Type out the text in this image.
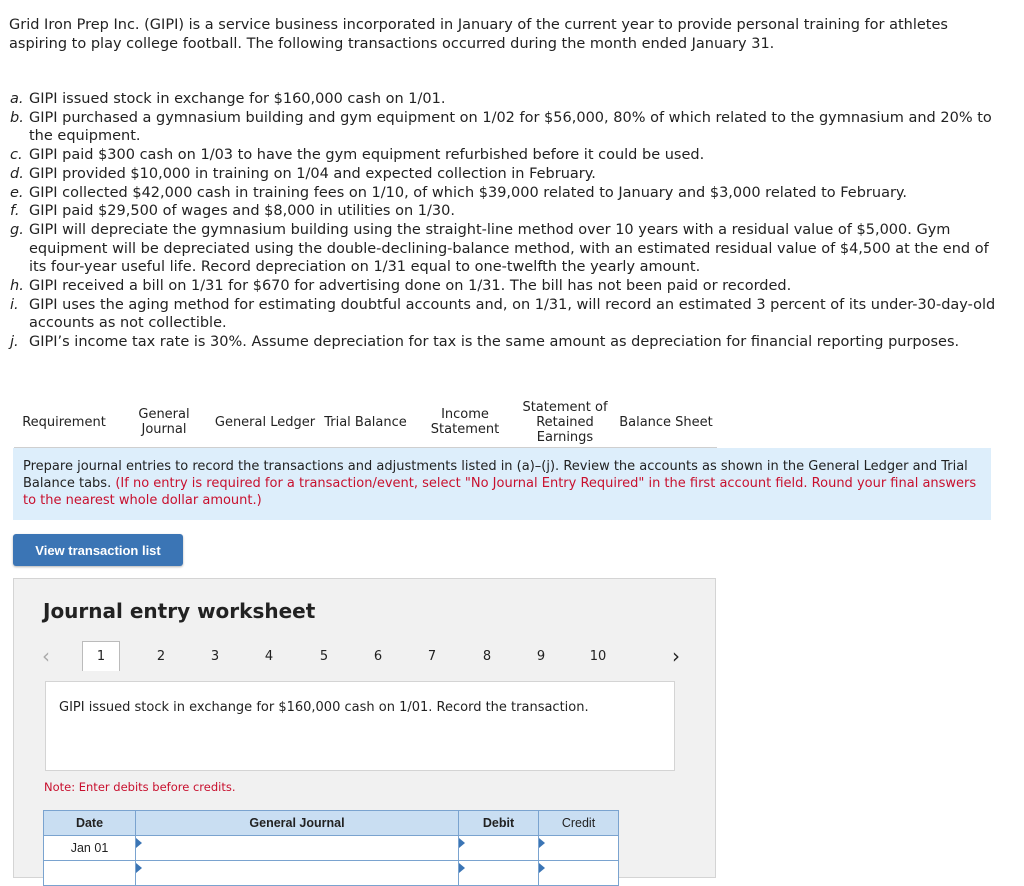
Grid Iron Prep Inc. (GIPI) is a service business incorporated in January of the current year to provide personal training for athletes aspiring to play college football. The following transactions occurred during the month ended January 31.

a. GIPI issued stock in exchange for $160,000 cash on 1/01.

b. GIPI purchased a gymnasium building and gym equipment on 1/02 for $56,000, 80% of which related to the gymnasium and 20% to the equipment.

c. GIPI paid $300 cash on 1/03 to have the gym equipment refurbished before it could be used.

d. GIPI provided $10,000 in training on 1/04 and expected collection in February.

e. GIPI collected $42,000 cash in training fees on 1/10, of which $39,000 related to January and $3,000 related to February.

f. GIPI paid $29,500 of wages and $8,000 in utilities on 1/30.

g. GIPI will depreciate the gymnasium building using the straight-line method over 10 years with a residual value of $5,000. Gym equipment will be depreciated using the double-declining-balance method, with an estimated residual value of $4,500 at the end of its four-year useful life. Record depreciation on 1/31 equal to one-twelfth the yearly amount.

h. GIPI received a bill on 1/31 for $670 for advertising done on 1/31. The bill has not been paid or recorded.

i. GIPI uses the aging method for estimating doubtful accounts and, on 1/31, will record an estimated 3 percent of its under-30-day-old accounts as not collectible.

j. GIPI’s income tax rate is 30%. Assume depreciation for tax is the same amount as depreciation for financial reporting purposes.

Requirement	General Journal	General Ledger Trial Balance	Income Statement
Statement of Retained Earnings
Balance Sheet
Prepare journal entries to record the transactions and adjustments listed in (a)–(j). Review the accounts as shown in the General Ledger and Trial Balance tabs. (If no entry is required for a transaction/event, select "No Journal Entry Required" in the first account field. Round your final answers to the nearest whole dollar amount.)
View transaction list
Journal entry worksheet
‹	1	2	3	4	5	6	7	8	9	10	›
GIPI issued stock in exchange for $160,000 cash on 1/01. Record the transaction.
Note: Enter debits before credits.
Date	General Journal	Debit	Credit
Jan 01	
